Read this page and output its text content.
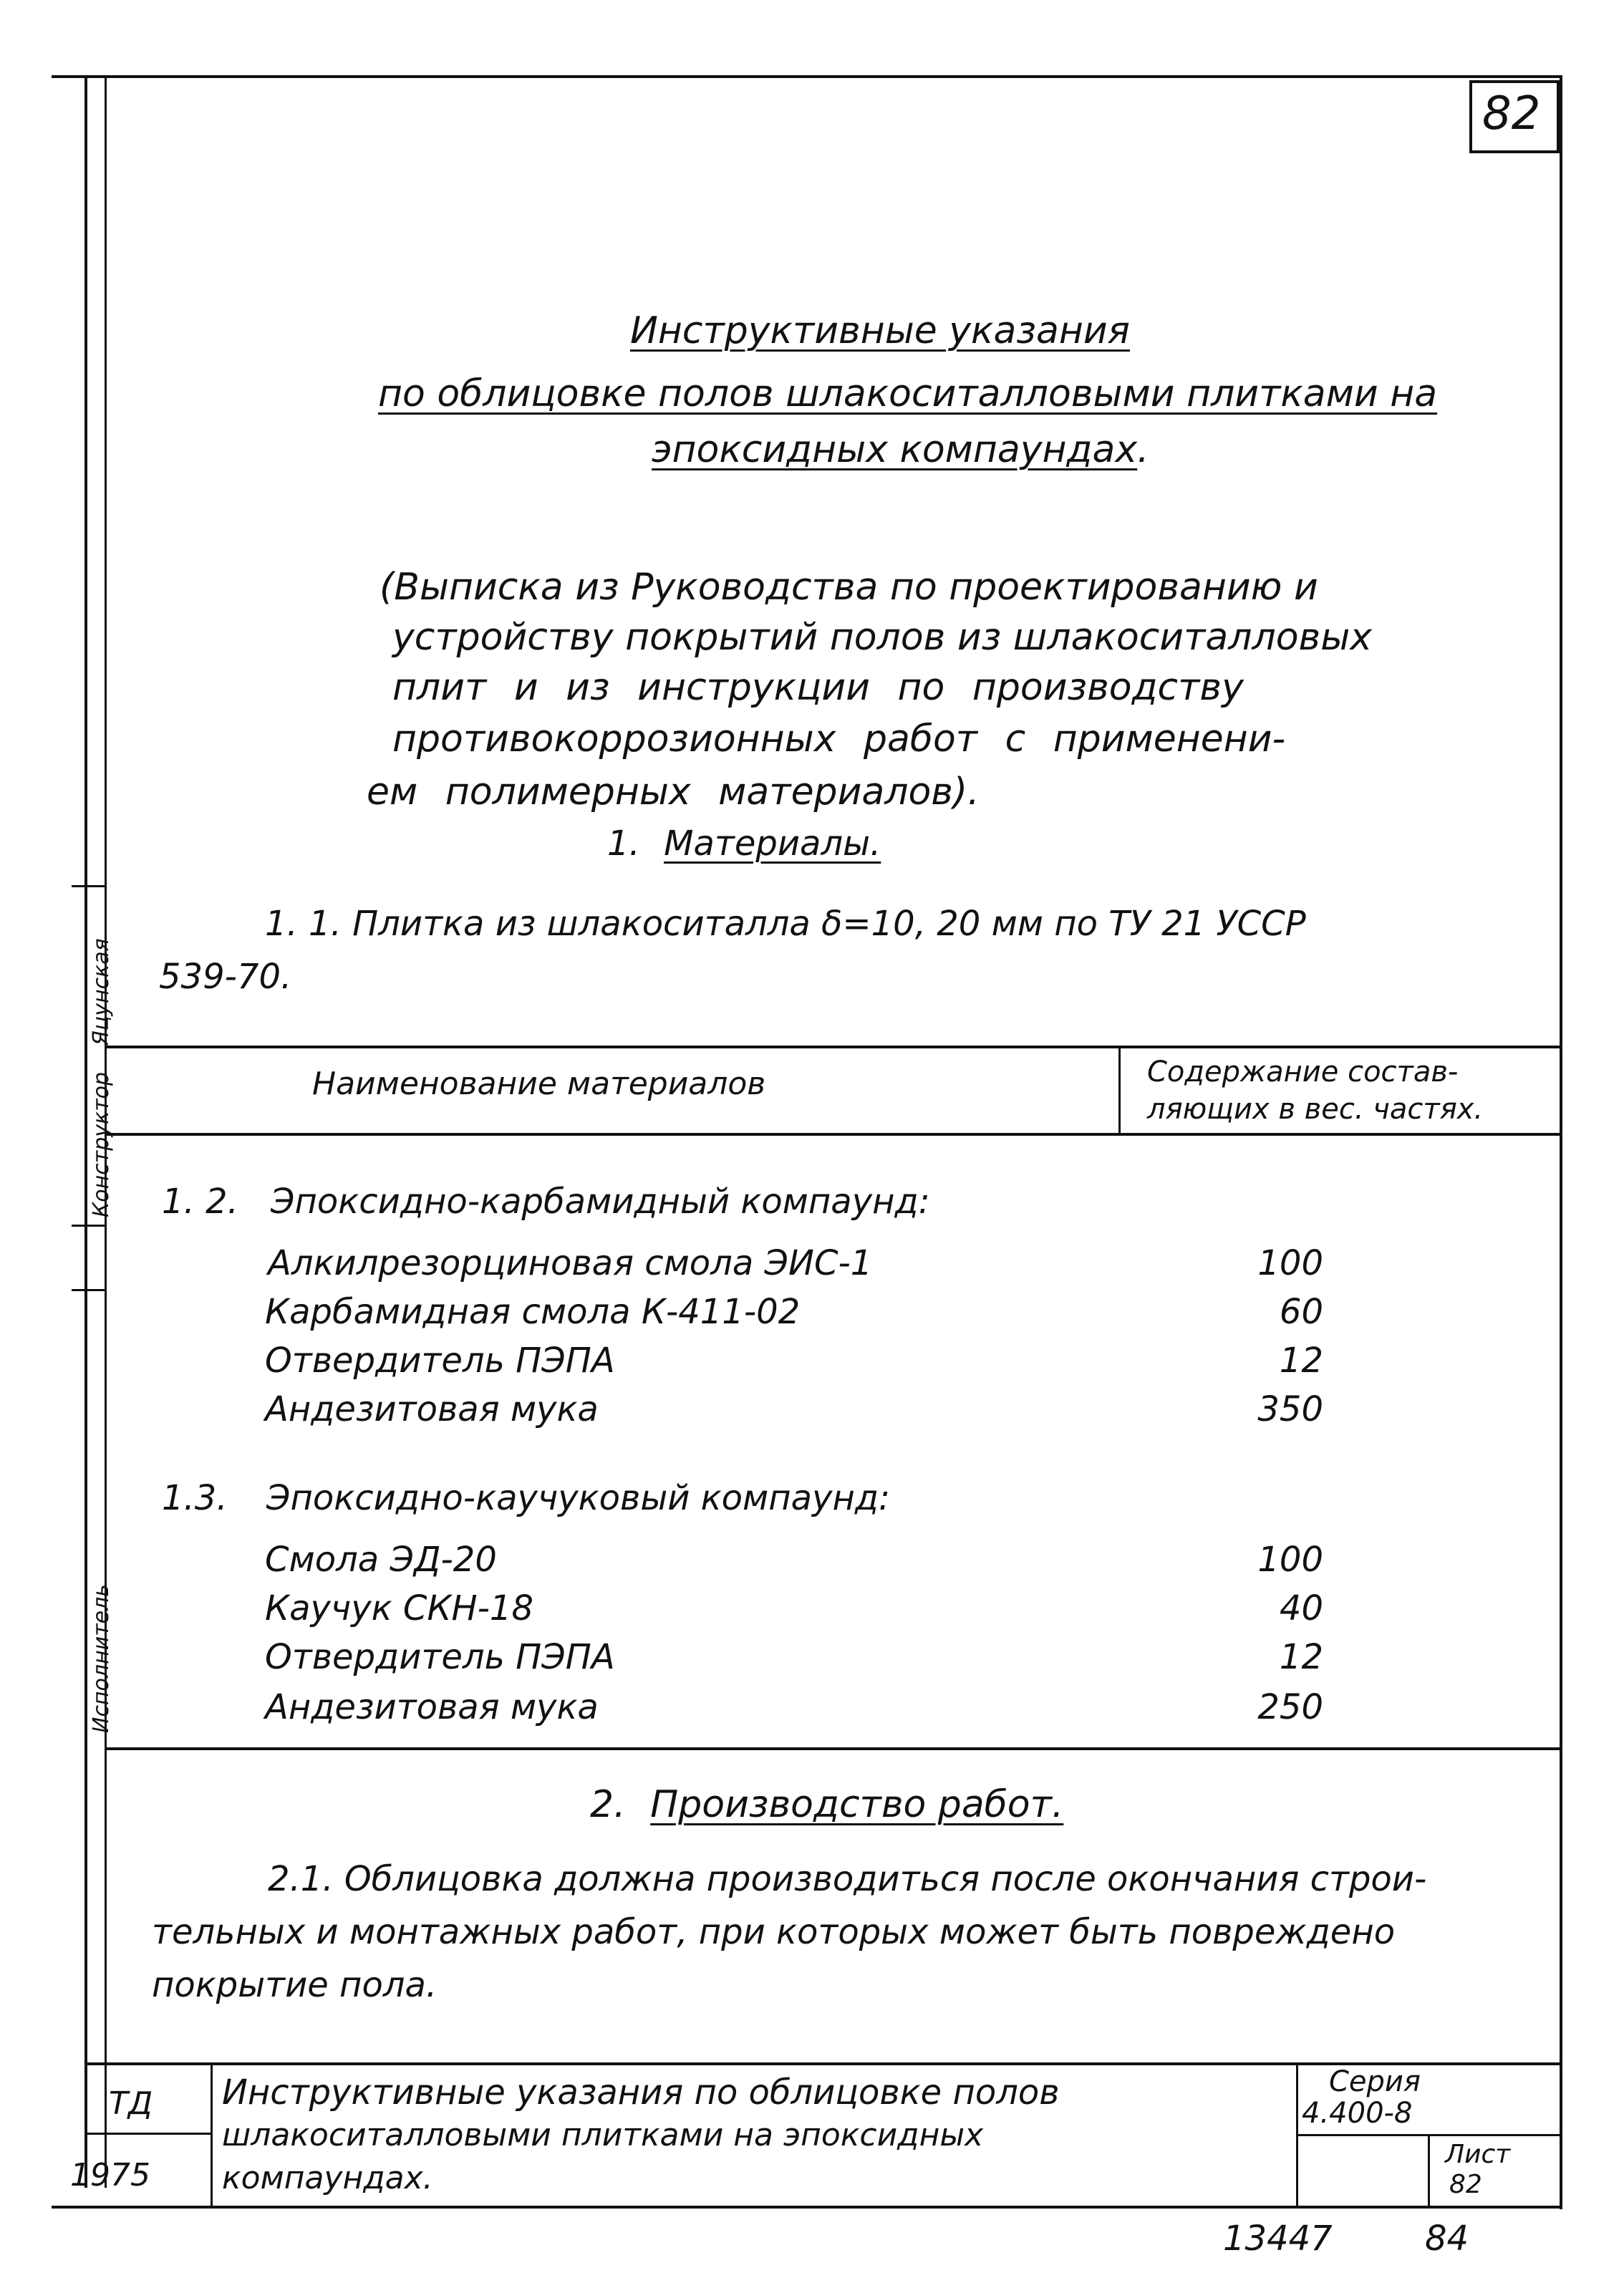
82
Инструктивные указания
по облицовке полов шлакоситалловыми плитками на
эпоксидных компаундах.
(Выписка из Руководства по проектированию и
устройству покрытий полов из шлакоситалловых
плит и из инструкции по производству
противокоррозионных работ с применени-
ем полимерных материалов).
1. Материалы.
1. 1. Плитка из шлакоситалла δ=10, 20 мм по ТУ 21 УССР
539-70.
Наименование материалов	Содержание состав-
ляющих в вес. частях.
1. 2. Эпоксидно-карбамидный компаунд:
Алкилрезорциновая смола ЭИС-1	100
Карбамидная смола К-411-02	60
Отвердитель ПЭПА	12
Андезитовая мука	350
1.3. Эпоксидно-каучуковый компаунд:
Смола ЭД-20	100
Каучук СКН-18	40
Отвердитель ПЭПА	12
Андезитовая мука	250
2. Производство работ.
2.1. Облицовка должна производиться после окончания строи-
тельных и монтажных работ, при которых может быть повреждено
покрытие пола.
ТД
1975
Инструктивные указания по облицовке полов
шлакоситалловыми плитками на эпоксидных
компаундах.
Серия
4.400-8
Лист
82
13447	84
Конструктор
Яцунская
Исполнитель
